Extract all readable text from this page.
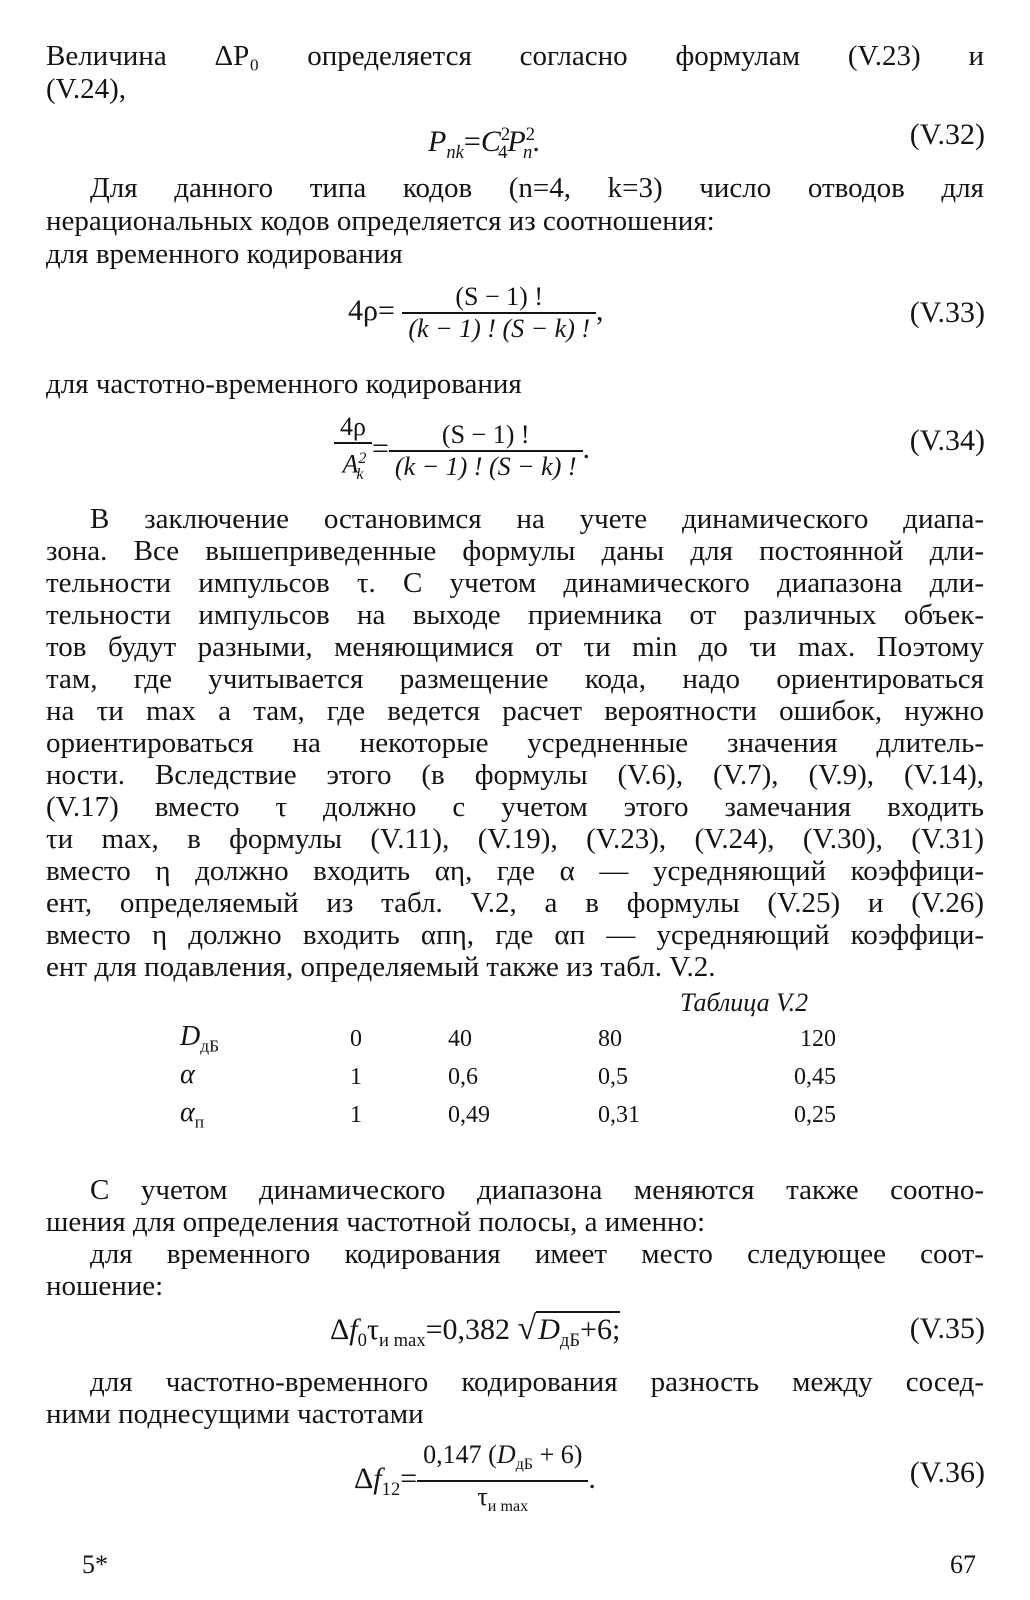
Величина ΔP₀ определяется согласно формулам (V.23) и
(V.24),
$P_{nk}=C^2_4P^2_n$.	(V.32)
Для данного типа кодов (n=4, k=3) число отводов для
нерациональных кодов определяется из соотношения:
для временного кодирования
$4\rho= \frac{(S - 1) !}{(k - 1) ! (S - k) !}$ ,	(V.33)
для частотно-временного кодирования
$\frac{4\rho}{A^2_k} = \frac{(S - 1) !}{(k - 1) ! (S - k) !}$ .	(V.34)
В заключение остановимся на учете динамического диапа-
зона. Все вышеприведенные формулы даны для постоянной дли-
тельности импульсов τ. С учетом динамического диапазона дли-
тельности импульсов на выходе приемника от различных объек-
тов будут разными, меняющимися от τи min до τи max. Поэтому
там, где учитывается размещение кода, надо ориентироваться
на τи max а там, где ведется расчет вероятности ошибок, нужно
ориентироваться на некоторые усредненные значения длитель-
ности. Вследствие этого (в формулы (V.6), (V.7), (V.9), (V.14),
(V.17) вместо τ должно с учетом этого замечания входить
τи max, в формулы (V.11), (V.19), (V.23), (V.24), (V.30), (V.31)
вместо η должно входить αη, где α — усредняющий коэффици-
ент, определяемый из табл. V.2, а в формулы (V.25) и (V.26)
вместо η должно входить αпη, где αп — усредняющий коэффици-
ент для подавления, определяемый также из табл. V.2.
Таблица V.2
$D_{дБ}$	0	40	80	120
α	1	0,6	0,5	0,45
$\alpha_п$	1	0,49	0,31	0,25
С учетом динамического диапазона меняются также соотно-
шения для определения частотной полосы, а именно:
для временного кодирования имеет место следующее соот-
ношение:
$\Delta f_0\tau_{и max}=0,382$ $√D_{дБ}+6$;	(V.35)
для частотно-временного кодирования разность между сосед-
ними поднесущими частотами
$\Delta f_{12}= \frac{0,147 (D_{дБ} + 6)}{\tau_{и max}}$ .	(V.36)
5*	67
